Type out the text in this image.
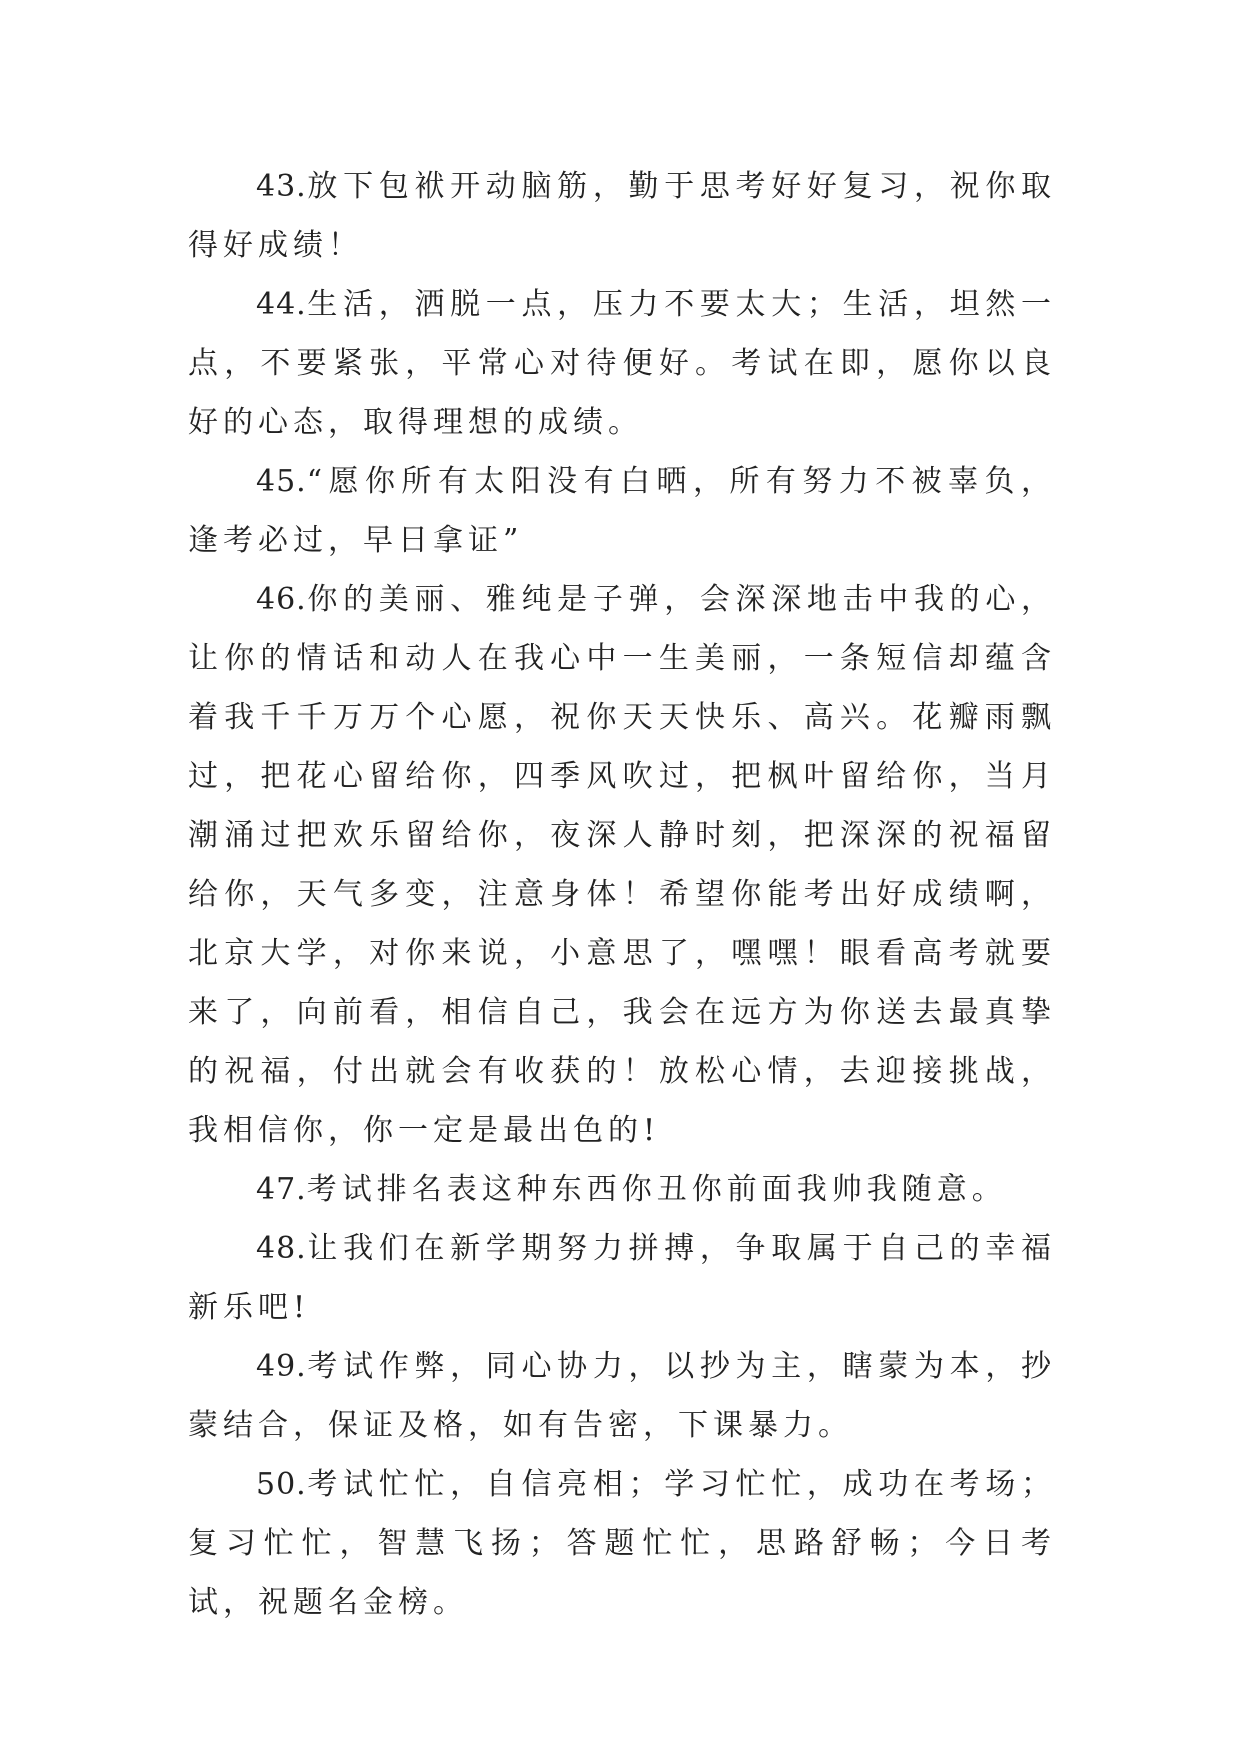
43.放下包袱开动脑筋，勤于思考好好复习，祝你取得好成绩！

44.生活，洒脱一点，压力不要太大；生活，坦然一点，不要紧张，平常心对待便好。考试在即，愿你以良好的心态，取得理想的成绩。

45.“愿你所有太阳没有白晒，所有努力不被辜负，逢考必过，早日拿证”

46.你的美丽、雅纯是子弹，会深深地击中我的心，让你的情话和动人在我心中一生美丽，一条短信却蕴含着我千千万万个心愿，祝你天天快乐、高兴。花瓣雨飘过，把花心留给你，四季风吹过，把枫叶留给你，当月潮涌过把欢乐留给你，夜深人静时刻，把深深的祝福留给你，天气多变，注意身体！希望你能考出好成绩啊，北京大学，对你来说，小意思了，嘿嘿！眼看高考就要来了，向前看，相信自己，我会在远方为你送去最真挚的祝福，付出就会有收获的！放松心情，去迎接挑战，我相信你，你一定是最出色的!

47.考试排名表这种东西你丑你前面我帅我随意。

48.让我们在新学期努力拼搏，争取属于自己的幸福新乐吧!

49.考试作弊，同心协力，以抄为主，瞎蒙为本，抄蒙结合，保证及格，如有告密，下课暴力。

50.考试忙忙，自信亮相；学习忙忙，成功在考场；复习忙忙，智慧飞扬；答题忙忙，思路舒畅；今日考试，祝题名金榜。
